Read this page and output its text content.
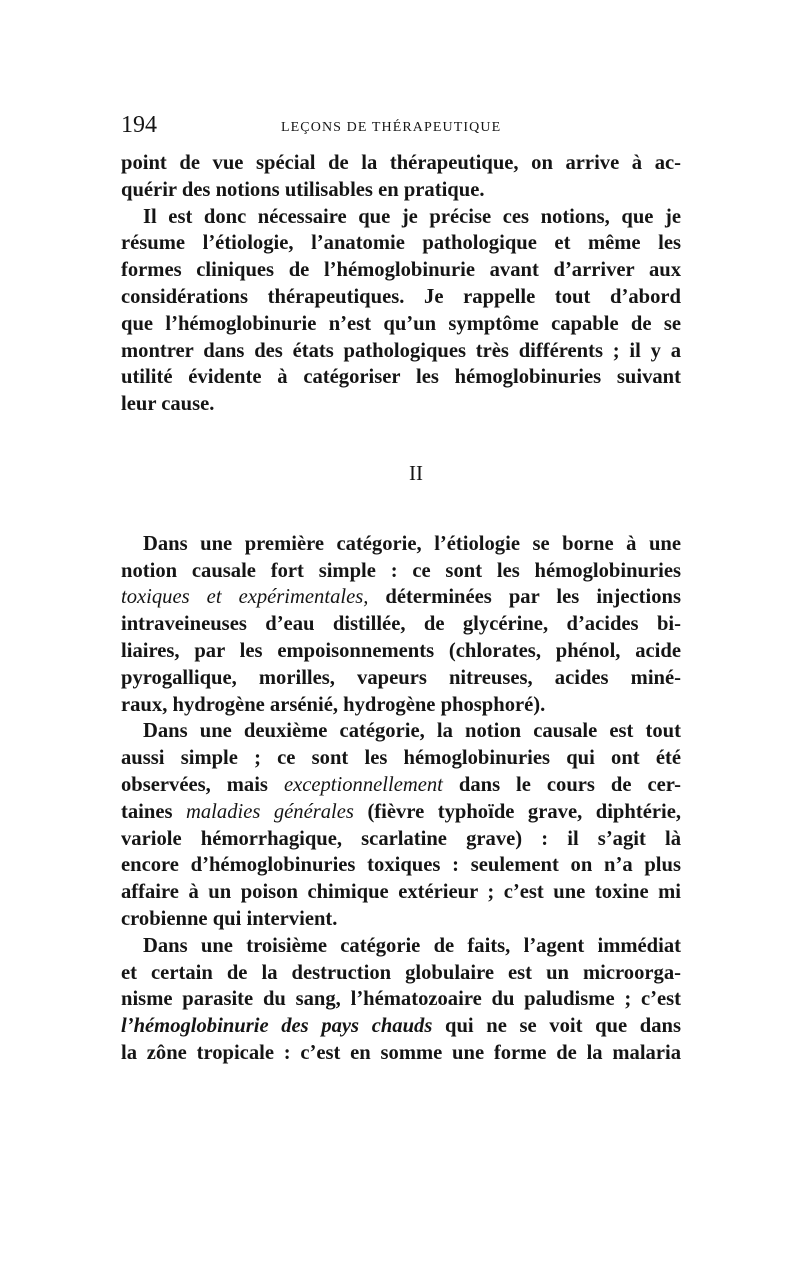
194	LEÇONS DE THÉRAPEUTIQUE

point de vue spécial de la thérapeutique, on arrive à ac-
quérir des notions utilisables en pratique.

Il est donc nécessaire que je précise ces notions, que je
résume l’étiologie, l’anatomie pathologique et même les
formes cliniques de l’hémoglobinurie avant d’arriver aux
considérations thérapeutiques. Je rappelle tout d’abord
que l’hémoglobinurie n’est qu’un symptôme capable de se
montrer dans des états pathologiques très différents ; il y a
utilité évidente à catégoriser les hémoglobinuries suivant
leur cause.

II

Dans une première catégorie, l’étiologie se borne à une
notion causale fort simple : ce sont les hémoglobinuries
toxiques et expérimentales, déterminées par les injections
intraveineuses d’eau distillée, de glycérine, d’acides bi-
liaires, par les empoisonnements (chlorates, phénol, acide
pyrogallique, morilles, vapeurs nitreuses, acides miné-
raux, hydrogène arsénié, hydrogène phosphoré).

Dans une deuxième catégorie, la notion causale est tout
aussi simple ; ce sont les hémoglobinuries qui ont été
observées, mais exceptionnellement dans le cours de cer-
taines maladies générales (fièvre typhoïde grave, diphtérie,
variole hémorrhagique, scarlatine grave) : il s’agit là
encore d’hémoglobinuries toxiques : seulement on n’a plus
affaire à un poison chimique extérieur ; c’est une toxine mi
crobienne qui intervient.

Dans une troisième catégorie de faits, l’agent immédiat
et certain de la destruction globulaire est un microorga-
nisme parasite du sang, l’hématozoaire du paludisme ; c’est
l’hémoglobinurie des pays chauds qui ne se voit que dans
la zône tropicale : c’est en somme une forme de la malaria
